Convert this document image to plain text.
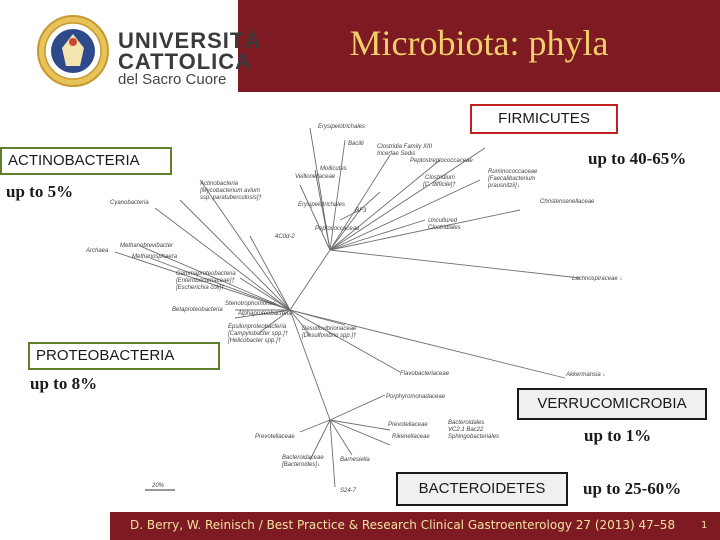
Microbiota: phyla
UNIVERSITÀ
CATTOLICA
del Sacro Cuore
20%
Erysipelotrichales
Bacilli Clostridia Family XIII
Incertae Sedis
Peptostreptococcaceae
Mollicutes
Veillonellaceae	Clostridium
[C. difficile]†
Ruminococcaceae
[Faecalibacterium
prausnitzii]↓
Actinobacteria
[Mycobacterium avium
ssp. paratuberculosis]†
Cyanobacteria	Erysipelotrichales
RF3
Peptococcaceae
Uncultured
Clostridiales
Christensenellaceae
4C0d-2
Archaea
Methanobrevibacter
Methanosphaera
Lachnospiraceae ↓
Gammaproteobacteria
[Enterobacteriaceae]†
[Escherichia coli]†
Stenotrophomonas
Alphaproteobacteria
Betaproteobacteria
Epsilonproteobacteria
[Campylobacter spp.]†
[Helicobacter spp.]†
Desulfovibrionaceae
[Desulfovibrio spp.]†
Flavobacteriaceae	Akkermansia ↓
Porphyromonadaceae
Prevotellaceae
Rikenellaceae
Bacteroidales
VC2.1 Bac22
Sphingobacteriales
Prevotellaceae
Bacteroidaceae
[Bacteroides]↓
Barnesiella
S24-7
FIRMICUTES
up to 40-65%
ACTINOBACTERIA
up to 5%
PROTEOBACTERIA
up to 8%
VERRUCOMICROBIA
up to 1%
BACTEROIDETES	up to 25-60%
D. Berry, W. Reinisch / Best Practice & Research Clinical Gastroenterology 27 (2013) 47–58	1
